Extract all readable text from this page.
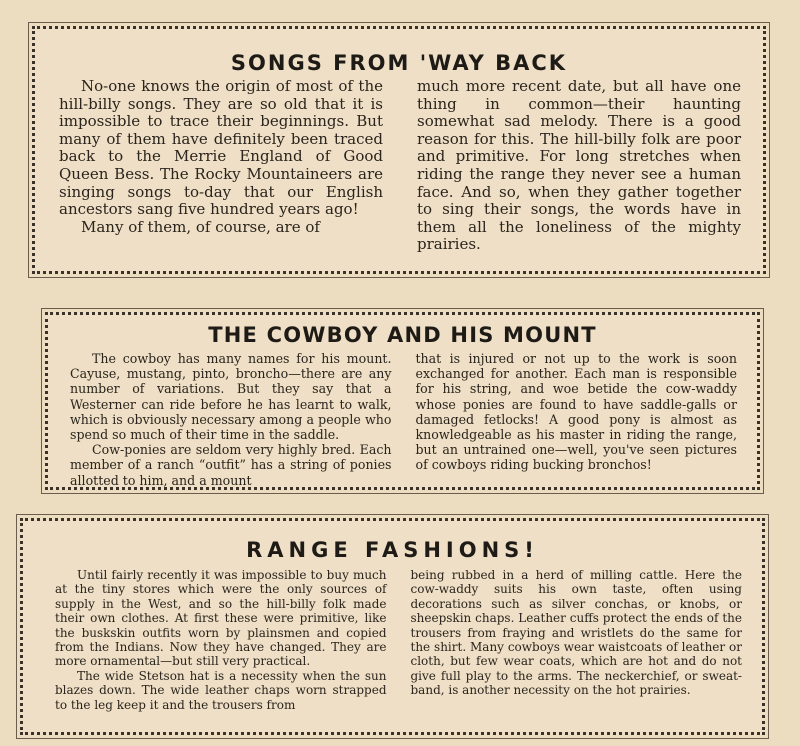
SONGS FROM 'WAY BACK

No-one knows the origin of most of the hill-billy songs. They are so old that it is impossible to trace their beginnings. But many of them have definitely been traced back to the Merrie England of Good Queen Bess. The Rocky Mountaineers are singing songs to-day that our English ancestors sang five hundred years ago!

Many of them, of course, are of

much more recent date, but all have one thing in common—their haunting somewhat sad melody. There is a good reason for this. The hill-billy folk are poor and primitive. For long stretches when riding the range they never see a human face. And so, when they gather together to sing their songs, the words have in them all the loneliness of the mighty prairies.

THE COWBOY AND HIS MOUNT

The cowboy has many names for his mount. Cayuse, mustang, pinto, broncho—there are any number of variations. But they say that a Westerner can ride before he has learnt to walk, which is obviously necessary among a people who spend so much of their time in the saddle.

Cow-ponies are seldom very highly bred. Each member of a ranch “outfit” has a string of ponies allotted to him, and a mount

that is injured or not up to the work is soon exchanged for another. Each man is responsible for his string, and woe betide the cow-waddy whose ponies are found to have saddle-galls or damaged fetlocks! A good pony is almost as knowledgeable as his master in riding the range, but an untrained one—well, you've seen pictures of cowboys riding bucking bronchos!

RANGE FASHIONS!

Until fairly recently it was impossible to buy much at the tiny stores which were the only sources of supply in the West, and so the hill-billy folk made their own clothes. At first these were primitive, like the buskskin outfits worn by plainsmen and copied from the Indians. Now they have changed. They are more ornamental—but still very practical.

The wide Stetson hat is a necessity when the sun blazes down. The wide leather chaps worn strapped to the leg keep it and the trousers from

being rubbed in a herd of milling cattle. Here the cow-waddy suits his own taste, often using decorations such as silver conchas, or knobs, or sheepskin chaps. Leather cuffs protect the ends of the trousers from fraying and wristlets do the same for the shirt. Many cowboys wear waistcoats of leather or cloth, but few wear coats, which are hot and do not give full play to the arms. The neckerchief, or sweat-band, is another necessity on the hot prairies.
